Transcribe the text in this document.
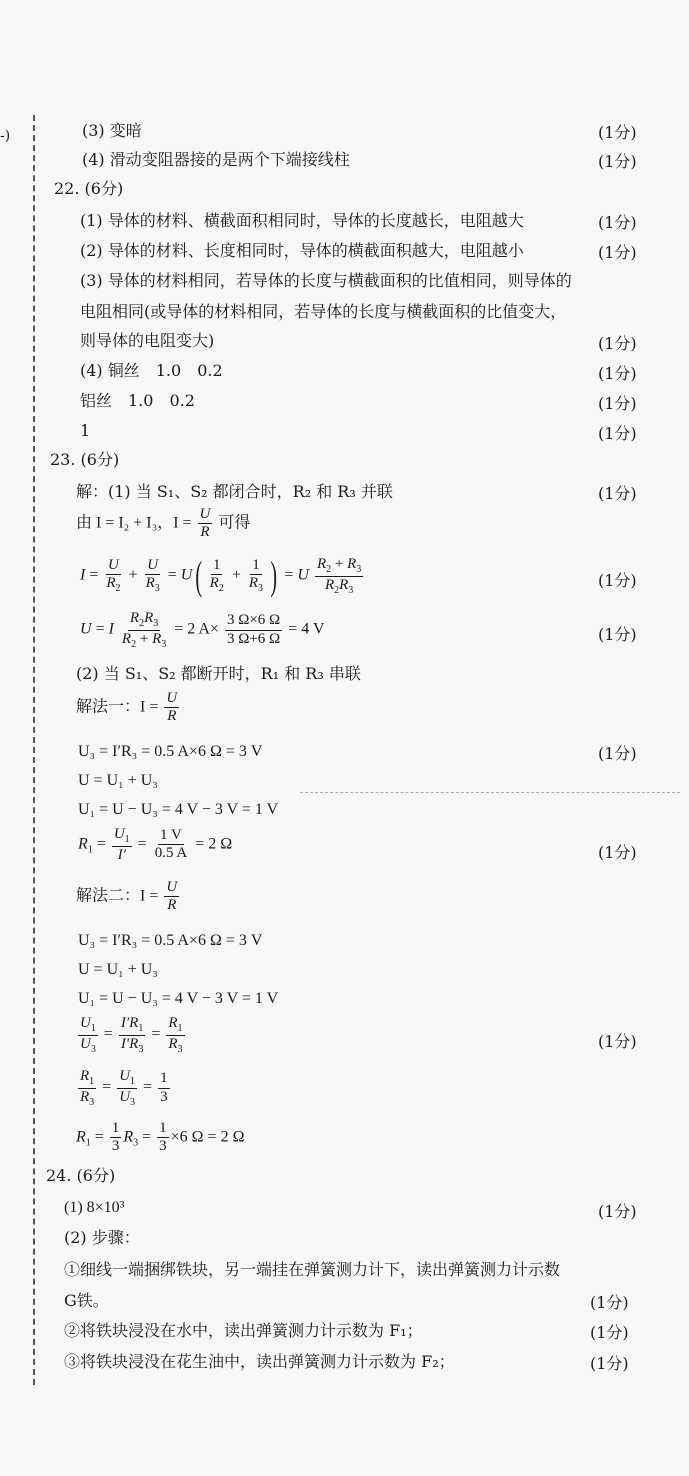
-)	(3) 变暗	(1分)
(4) 滑动变阻器接的是两个下端接线柱	(1分)
22. (6分)
(1) 导体的材料、横截面积相同时，导体的长度越长，电阻越大	(1分)
(2) 导体的材料、长度相同时，导体的横截面积越大，电阻越小	(1分)
(3) 导体的材料相同，若导体的长度与横截面积的比值相同，则导体的
电阻相同(或导体的材料相同，若导体的长度与横截面积的比值变大，
则导体的电阻变大)	(1分)
(4) 铜丝　1.0　0.2	(1分)
铝丝　1.0　0.2	(1分)
1	(1分)
23. (6分)
解：(1) 当 S₁、S₂ 都闭合时，R₂ 和 R₃ 并联	(1分)
由 I = I₂ + I₃，$I = \frac{U}{R}$ 可得
$I = \frac{U}{R_2} + \frac{U}{R_3} = U( \frac{1}{R_2} + \frac{1}{R_3}$ ) = U $\frac{R_2 + R_3}{R_2R_3}$	(1分)
U = I $\frac{R_2R_3}{R_2 + R_3} = 2$ $A\times \frac{3 \Omega\times 6 \Omega}{3 \Omega+6 \Omega} = 4$ V	(1分)
(2) 当 S₁、S₂ 都断开时，R₁ 和 R₃ 串联
解法一：$I = \frac{U}{R}$
U₃ = I′R₃ = 0.5 A×6 Ω = 3 V	(1分)
U = U₁ + U₃
U₁ = U − U₃ = 4 V − 3 V = 1 V
$R_1 = \frac{U_1}{I'} = \frac{1 V}{0.5 A} = 2$ Ω	(1分)
解法二：$I = \frac{U}{R}$
U₃ = I′R₃ = 0.5 A×6 Ω = 3 V
U = U₁ + U₃
U₁ = U − U₃ = 4 V − 3 V = 1 V
$\frac{U_1}{U_3} = \frac{I'R_1}{I'R_3} = \frac{R_1}{R_3}$	(1分)
$\frac{R_1}{R_3} = \frac{U_1}{U_3} = \frac{1}{3}$
$R_1 = \frac{1}{3} R_3 = \frac{1}{3} \times 6$ Ω = 2 Ω
24. (6分)
(1) 8×10³	(1分)
(2) 步骤：
①细线一端捆绑铁块，另一端挂在弹簧测力计下，读出弹簧测力计示数
G铁。	(1分)
②将铁块浸没在水中，读出弹簧测力计示数为 F₁；	(1分)
③将铁块浸没在花生油中，读出弹簧测力计示数为 F₂；	(1分)
